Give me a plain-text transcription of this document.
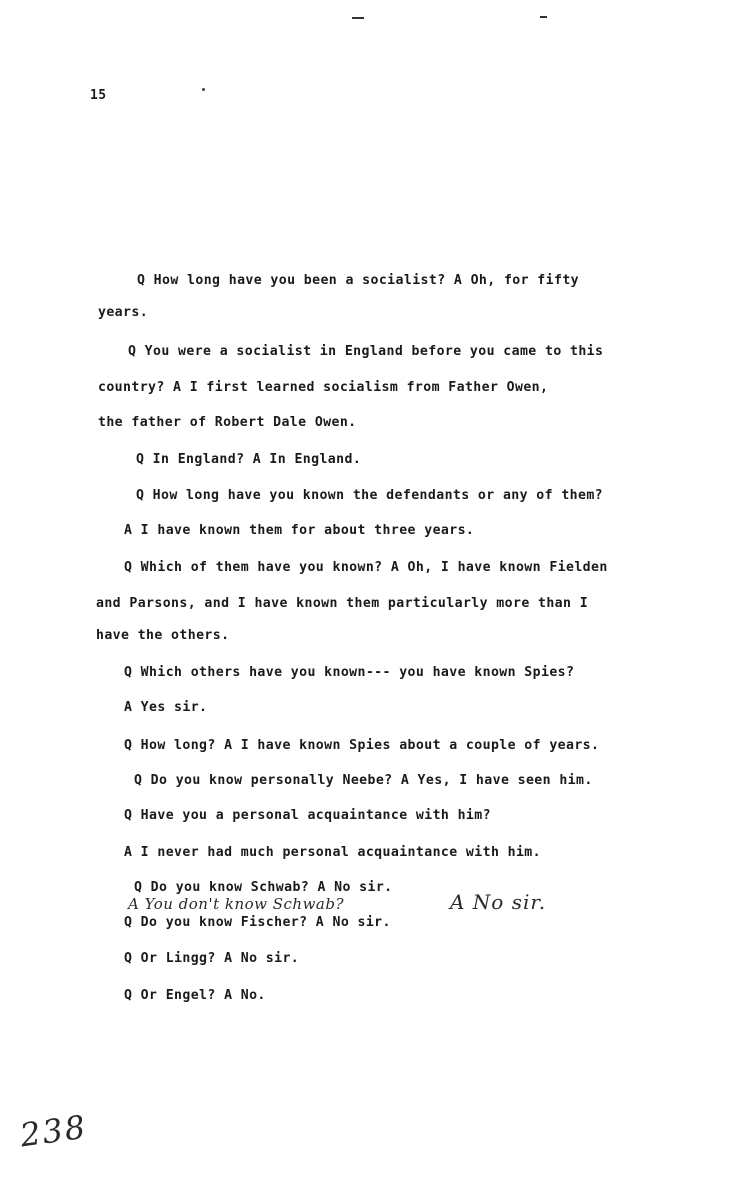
15
Q How long have you been a socialist? A Oh, for fifty
years.
Q You were a socialist in England before you came to this
country? A I first learned socialism from Father Owen,
the father of Robert Dale Owen.
Q In England? A In England.
Q How long have you known the defendants or any of them?
A I have known them for about three years.
Q Which of them have you known? A Oh, I have known Fielden
and Parsons, and I have known them particularly more than I
have the others.
Q Which others have you known--- you have known Spies?
A Yes sir.
Q How long? A I have known Spies about a couple of years.
Q Do you know personally Neebe? A Yes, I have seen him.
Q Have you a personal acquaintance with him?
A I never had much personal acquaintance with him.
Q Do you know Schwab? A No sir.
A You don't know Schwab?	A No sir.
Q Do you know Fischer? A No sir.
Q Or Lingg? A No sir.
Q Or Engel? A No.
238
